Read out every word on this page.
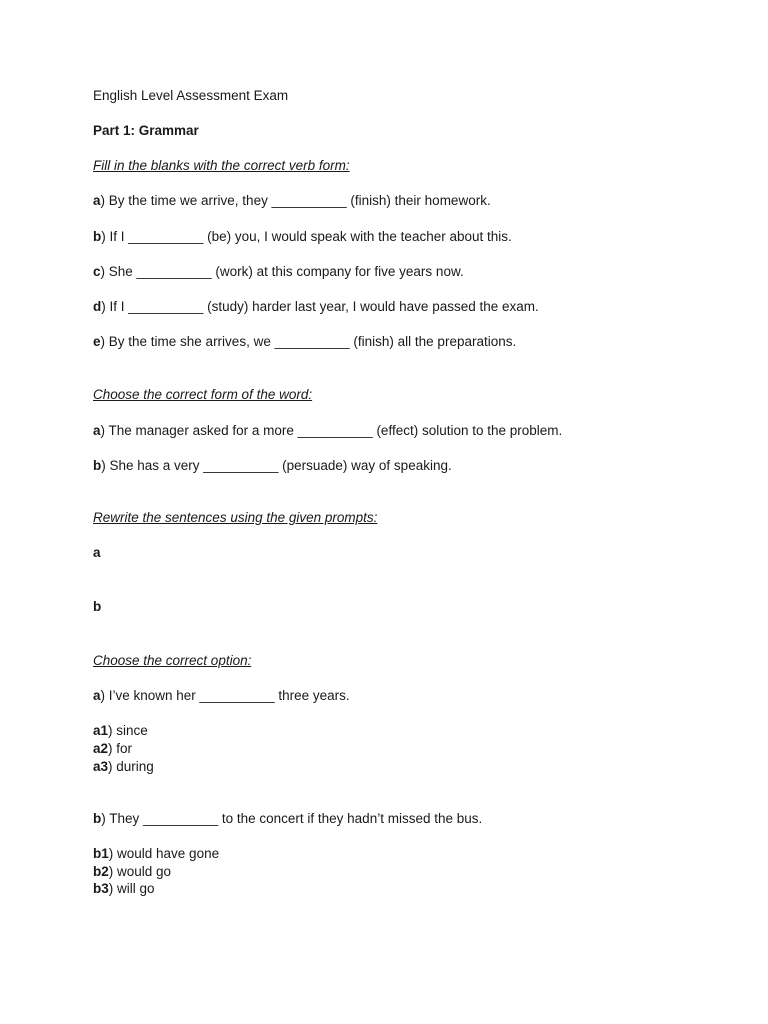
English Level Assessment Exam
Part 1: Grammar
Fill in the blanks with the correct verb form:
a) By the time we arrive, they __________ (finish) their homework.
b) If I __________ (be) you, I would speak with the teacher about this.
c) She __________ (work) at this company for five years now.
d) If I __________ (study) harder last year, I would have passed the exam.
e) By the time she arrives, we __________ (finish) all the preparations.
Choose the correct form of the word:
a) The manager asked for a more __________ (effect) solution to the problem.
b) She has a very __________ (persuade) way of speaking.
Rewrite the sentences using the given prompts:
a
b
Choose the correct option:
a) I’ve known her __________ three years.
a1) since
a2) for
a3) during
b) They __________ to the concert if they hadn’t missed the bus.
b1) would have gone
b2) would go
b3) will go
